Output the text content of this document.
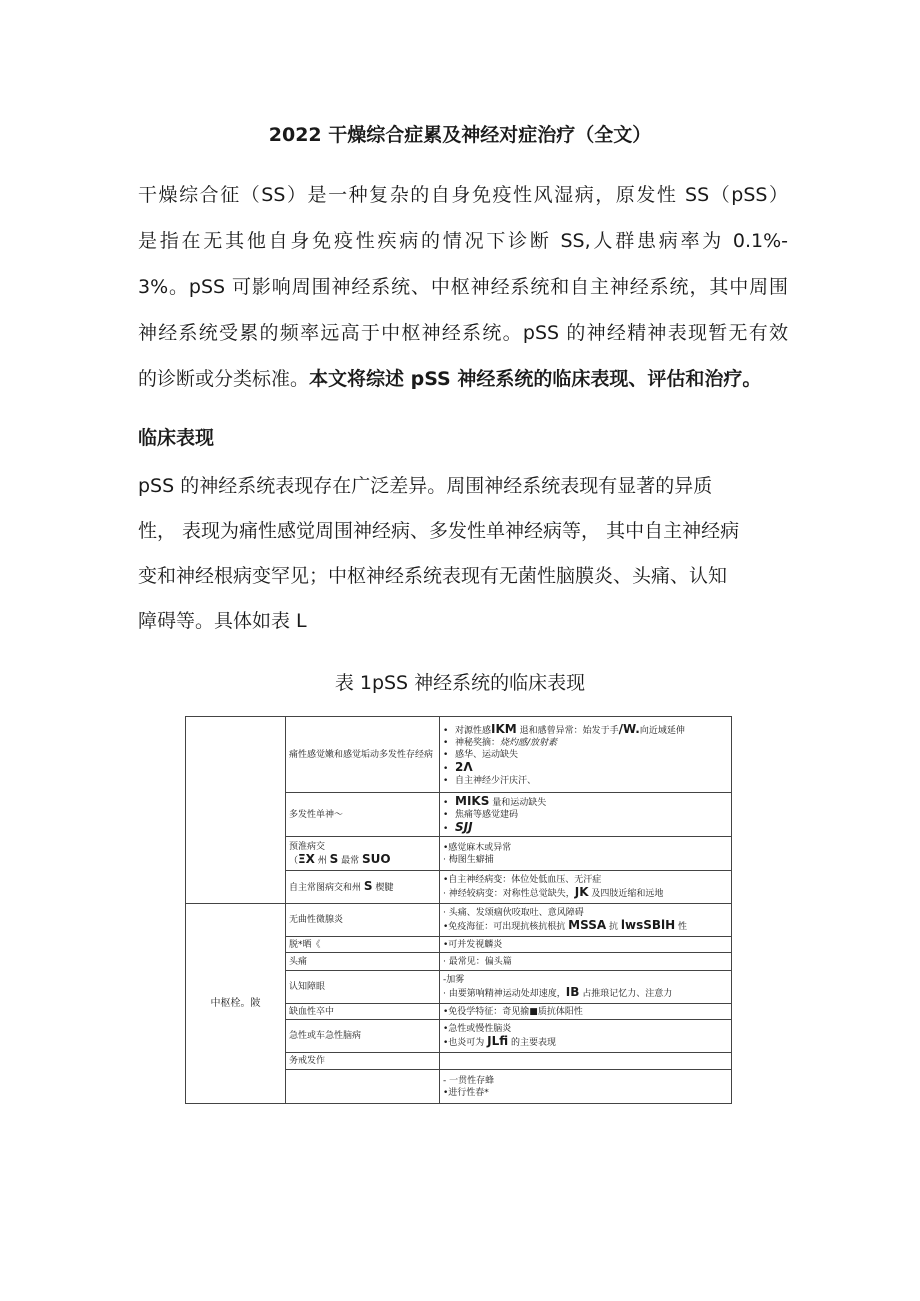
2022 干燥综合症累及神经对症治疗（全文）
干燥综合征（SS）是一种复杂的自身免疫性风湿病，原发性 SS（pSS）
是指在无其他自身免疫性疾病的情况下诊断 SS,人群患病率为 0.1%-
3%。pSS 可影响周围神经系统、中枢神经系统和自主神经系统，其中周围
神经系统受累的频率远高于中枢神经系统。pSS 的神经精神表现暂无有效
的诊断或分类标准。本文将综述 pSS 神经系统的临床表现、评估和治疗。
临床表现
pSS 的神经系统表现存在广泛差异。周围神经系统表现有显著的异质
性， 表现为痛性感觉周围神经病、多发性单神经病等， 其中自主神经病
变和神经根病变罕见；中枢神经系统表现有无菌性脑膜炎、头痛、认知
障碍等。具体如表 L
表 1pSS 神经系统的临床表现
	痛性感觉嫩和感觉垢动多发性存经病	• 对源性感IKM 退和感曾异常：始发于手/W.向近域延伸
• 神秘奖摘：烧灼感/放射素
• 感华、运动缺失
• 2Λ
• 自主神经少汗庆汗、

	多发性单神～	• MIKS 量和运动缺失
• 焦痛等感觉建码
• SJJ

	预淮病交
（ΞX 州 S 最常 SUO	•感觉麻木或异常
· 梅图生癖捕

	自主常图病交和州 S 楔腱	•自主神经病变：体位处低血压、无汗症
· 神经较病变：对称性总觉缺失，JK 及四肢近缩和远地

中枢栓。陂	无曲性微腺炎	· 头痛、发颂痼伙咬取吐、意风障碍
•免疫海征：可出现抗核抗根抗 MSSA 抗 lwsSBlH 性

	脱*晒《	•可并发视麟炎
	头痛	· 最常见：偏头篇
	认知障眼	-加雾
· 由要第响精神运动处却速度，IB 占推琅记忆力、注意力

	缺血性卒中	•免役学特征：奇见揄■质抗体阳性
	急性或车急性脑病	•急性或慢性脑炎
•也炎可为 JLfi 的主要表现

	务戒发作	

		- 一贯性存蜂
•进行性春*
